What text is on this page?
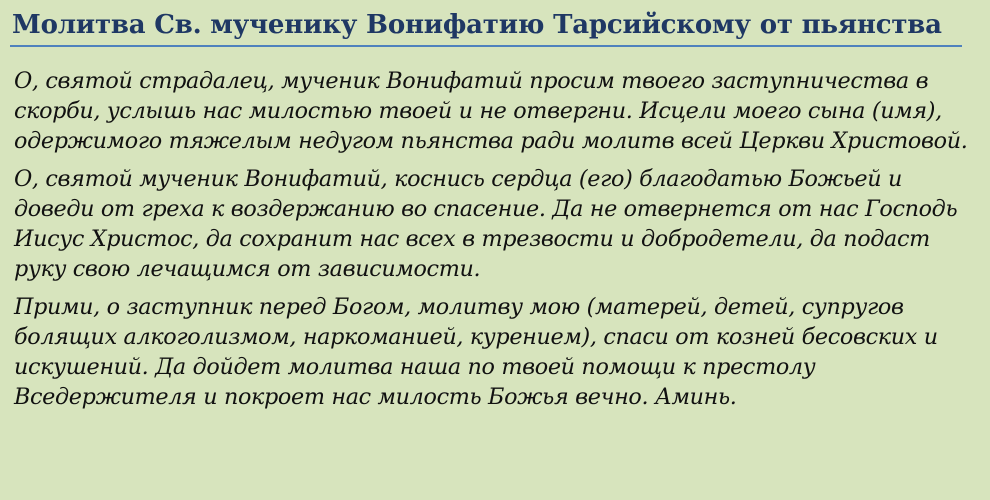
Молитва Св. мученику Вонифатию Тарсийскому от пьянства

О, святой страдалец, мученик Вонифатий просим твоего заступничества в
скорби, услышь нас милостью твоей и не отвергни. Исцели моего сына (имя),
одержимого тяжелым недугом пьянства ради молитв всей Церкви Христовой.

О, святой мученик Вонифатий, коснись сердца (его) благодатью Божьей и
доведи от греха к воздержанию во спасение. Да не отвернется от нас Господь
Иисус Христос, да сохранит нас всех в трезвости и добродетели, да подаст
руку свою лечащимся от зависимости.

Прими, о заступник перед Богом, молитву мою (матерей, детей, супругов
болящих алкоголизмом, наркоманией, курением), спаси от козней бесовских и
искушений. Да дойдет молитва наша по твоей помощи к престолу
Вседержителя и покроет нас милость Божья вечно. Аминь.
